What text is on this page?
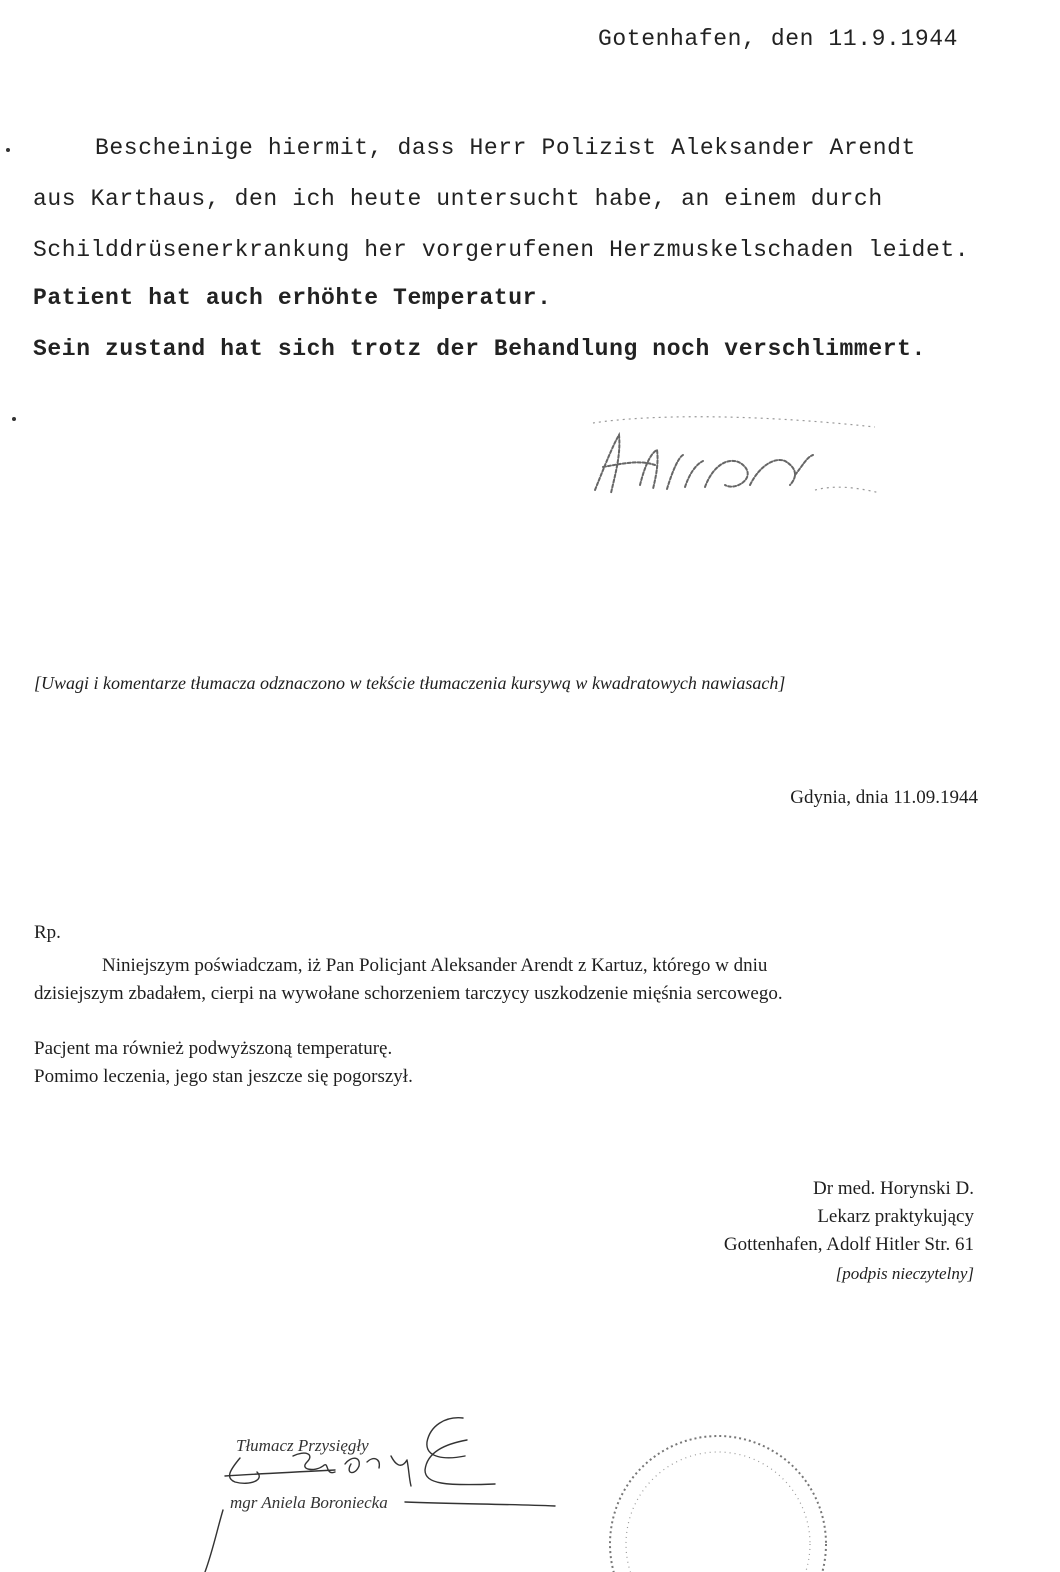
Gotenhafen, den 11.9.1944
Bescheinige hiermit, dass Herr Polizist Aleksander Arendt
aus Karthaus, den ich heute untersucht habe, an einem durch
Schilddrüsenerkrankung her vorgerufenen Herzmuskelschaden leidet.
Patient hat auch erhöhte Temperatur.
Sein zustand hat sich trotz der Behandlung noch verschlimmert.
[Uwagi i komentarze tłumacza odznaczono w tekście tłumaczenia kursywą w kwadratowych nawiasach]
Gdynia, dnia 11.09.1944
Rp.
Niniejszym poświadczam, iż Pan Policjant Aleksander Arendt z Kartuz, którego w dniu
dzisiejszym zbadałem, cierpi na wywołane schorzeniem tarczycy uszkodzenie mięśnia sercowego.
Pacjent ma również podwyższoną temperaturę.
Pomimo leczenia, jego stan jeszcze się pogorszył.
Dr med. Horynski D.
Lekarz praktykujący
Gottenhafen, Adolf Hitler Str. 61
[podpis nieczytelny]
Tłumacz Przysięgły
mgr Aniela Boroniecka
